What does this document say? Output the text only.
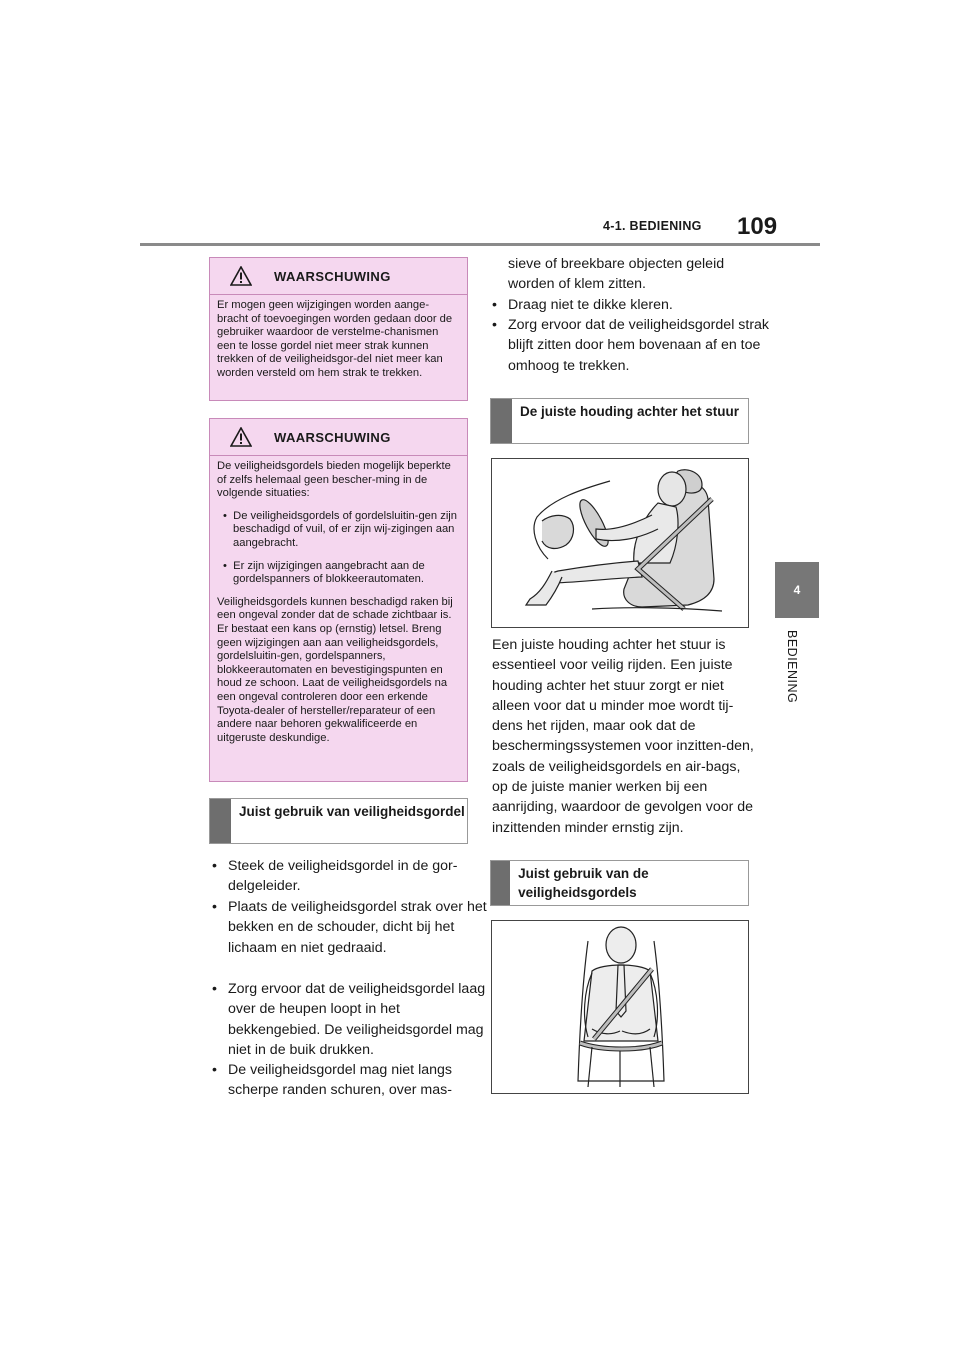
4-1. BEDIENING 109
4
BEDIENING
WAARSCHUWING

Er mogen geen wijzigingen worden aange-bracht of toevoegingen worden gedaan door de gebruiker waardoor de verstelme-chanismen een te losse gordel niet meer strak kunnen trekken of de veiligheidsgor-del niet meer kan worden versteld om hem strak te trekken.

WAARSCHUWING

De veiligheidsgordels bieden mogelijk beperkte of zelfs helemaal geen bescher-ming in de volgende situaties:

•  De veiligheidsgordels of gordelsluitin-gen zijn beschadigd of vuil, of er zijn wij-zigingen aan aangebracht.

•  Er zijn wijzigingen aangebracht aan de gordelspanners of blokkeerautomaten.

Veiligheidsgordels kunnen beschadigd raken bij een ongeval zonder dat de schade zichtbaar is. Er bestaat een kans op (ernstig) letsel. Breng geen wijzigingen aan aan veiligheidsgordels, gordelsluitin-gen, gordelspanners, blokkeerautomaten en bevestigingspunten en houd ze schoon. Laat de veiligheidsgordels na een ongeval controleren door een erkende Toyota-dealer of hersteller/reparateur of een andere naar behoren gekwalificeerde en uitgeruste deskundige.

Juist gebruik van veiligheidsgordel
• Steek de veiligheidsgordel in de gor-delgeleider.
• Plaats de veiligheidsgordel strak over het bekken en de schouder, dicht bij het lichaam en niet gedraaid.
• Zorg ervoor dat de veiligheidsgordel laag over de heupen loopt in het bekkengebied. De veiligheidsgordel mag niet in de buik drukken.
• De veiligheidsgordel mag niet langs scherpe randen schuren, over mas-
sieve of breekbare objecten geleid worden of klem zitten.
• Draag niet te dikke kleren.
• Zorg ervoor dat de veiligheidsgordel strak blijft zitten door hem bovenaan af en toe omhoog te trekken.
De juiste houding achter het stuur
Een juiste houding achter het stuur is essentieel voor veilig rijden. Een juiste houding achter het stuur zorgt er niet alleen voor dat u minder moe wordt tij-dens het rijden, maar ook dat de beschermingssystemen voor inzitten-den, zoals de veiligheidsgordels en air-bags, op de juiste manier werken bij een aanrijding, waardoor de gevolgen voor de inzittenden minder ernstig zijn.
Juist gebruik van de veiligheidsgordels
